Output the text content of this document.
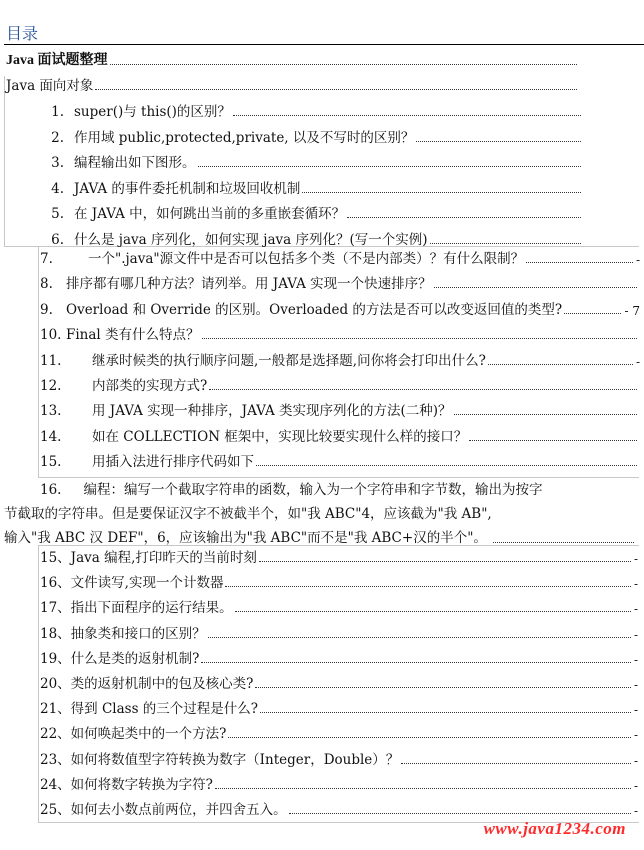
目录
Java 面试题整理
Java 面向对象
1. super()与 this()的区别？
2. 作用域 public,protected,private, 以及不写时的区别？
3. 编程输出如下图形。
4. JAVA 的事件委托机制和垃圾回收机制
5. 在 JAVA 中，如何跳出当前的多重嵌套循环？
6. 什么是 java 序列化，如何实现 java 序列化？(写一个实例)
7.	一个".java"源文件中是否可以包括多个类（不是内部类）？有什么限制？	-
8. 排序都有哪几种方法？请列举。用 JAVA 实现一个快速排序？
9. Overload 和 Override 的区别。Overloaded 的方法是否可以改变返回值的类型?	- 7
10. Final 类有什么特点？
11.	继承时候类的执行顺序问题,一般都是选择题,问你将会打印出什么?	-
12.	内部类的实现方式?
13.	用 JAVA 实现一种排序，JAVA 类实现序列化的方法(二种)？
14.	如在 COLLECTION 框架中，实现比较要实现什么样的接口？
15.	用插入法进行排序代码如下
16. 编程：编写一个截取字符串的函数，输入为一个字符串和字节数，输出为按字
节截取的字符串。但是要保证汉字不被截半个，如"我 ABC"4，应该截为"我 AB",
输入"我 ABC 汉 DEF"，6，应该输出为"我 ABC"而不是"我 ABC+汉的半个"。
15、Java 编程,打印昨天的当前时刻	-
16、文件读写,实现一个计数器	-
17、指出下面程序的运行结果。	-
18、抽象类和接口的区别？	-
19、什么是类的返射机制?	-
20、类的返射机制中的包及核心类?	-
21、得到 Class 的三个过程是什么?	-
22、如何唤起类中的一个方法?	-
23、如何将数值型字符转换为数字（Integer，Double）？	-
24、如何将数字转换为字符?	-
25、如何去小数点前两位，并四舍五入。	-
www.java1234.com
